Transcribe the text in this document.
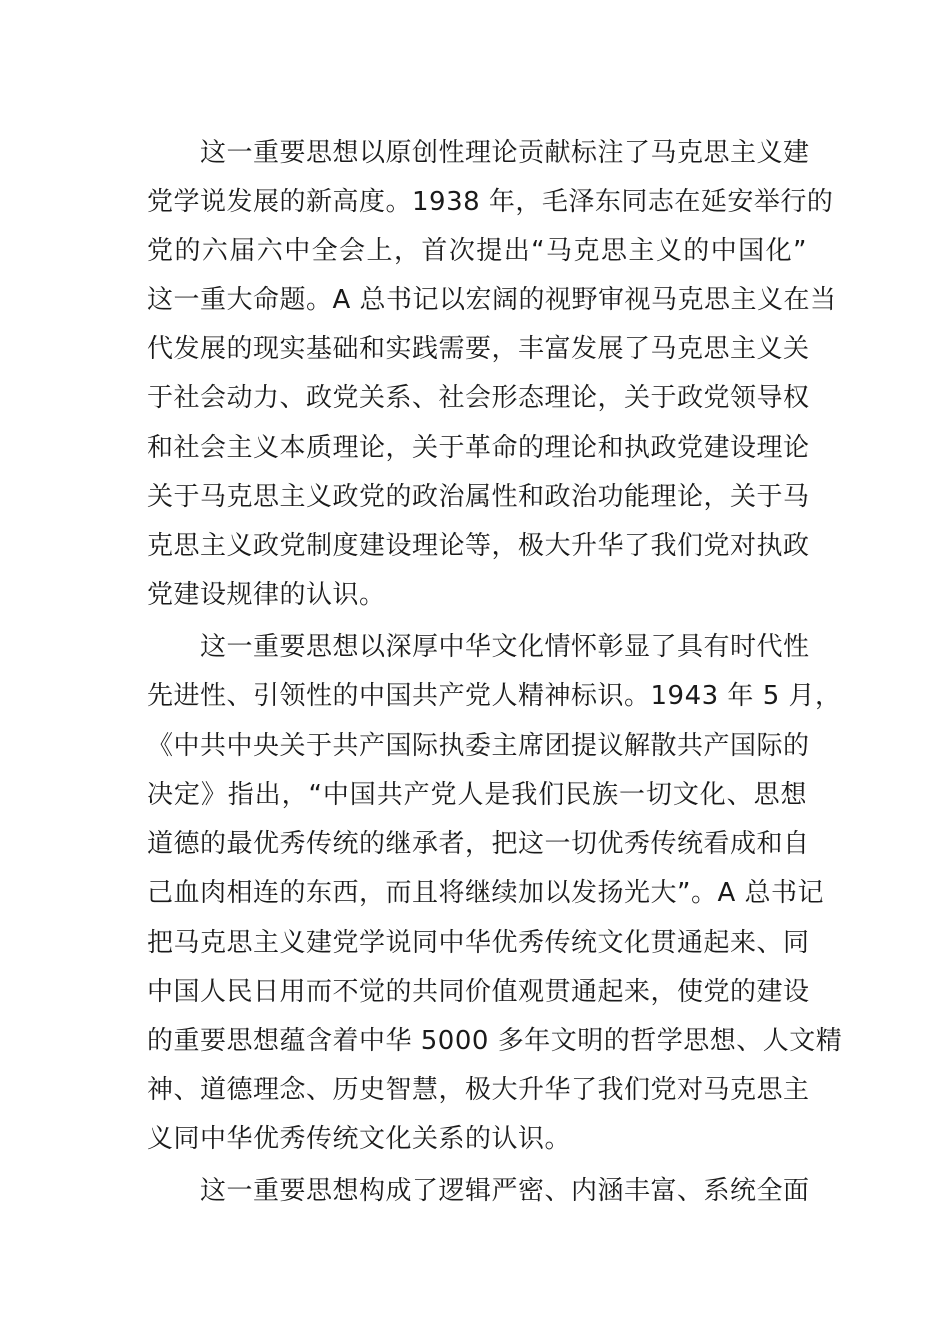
这一重要思想以原创性理论贡献标注了马克思主义建
党学说发展的新高度。1938 年，毛泽东同志在延安举行的
党的六届六中全会上，首次提出“马克思主义的中国化”
这一重大命题。A 总书记以宏阔的视野审视马克思主义在当
代发展的现实基础和实践需要，丰富发展了马克思主义关
于社会动力、政党关系、社会形态理论，关于政党领导权
和社会主义本质理论，关于革命的理论和执政党建设理论
关于马克思主义政党的政治属性和政治功能理论，关于马
克思主义政党制度建设理论等，极大升华了我们党对执政
党建设规律的认识。
这一重要思想以深厚中华文化情怀彰显了具有时代性
先进性、引领性的中国共产党人精神标识。1943 年 5 月，
《中共中央关于共产国际执委主席团提议解散共产国际的
决定》指出，“中国共产党人是我们民族一切文化、思想
道德的最优秀传统的继承者，把这一切优秀传统看成和自
己血肉相连的东西，而且将继续加以发扬光大”。A 总书记
把马克思主义建党学说同中华优秀传统文化贯通起来、同
中国人民日用而不觉的共同价值观贯通起来，使党的建设
的重要思想蕴含着中华 5000 多年文明的哲学思想、人文精
神、道德理念、历史智慧，极大升华了我们党对马克思主
义同中华优秀传统文化关系的认识。
这一重要思想构成了逻辑严密、内涵丰富、系统全面
